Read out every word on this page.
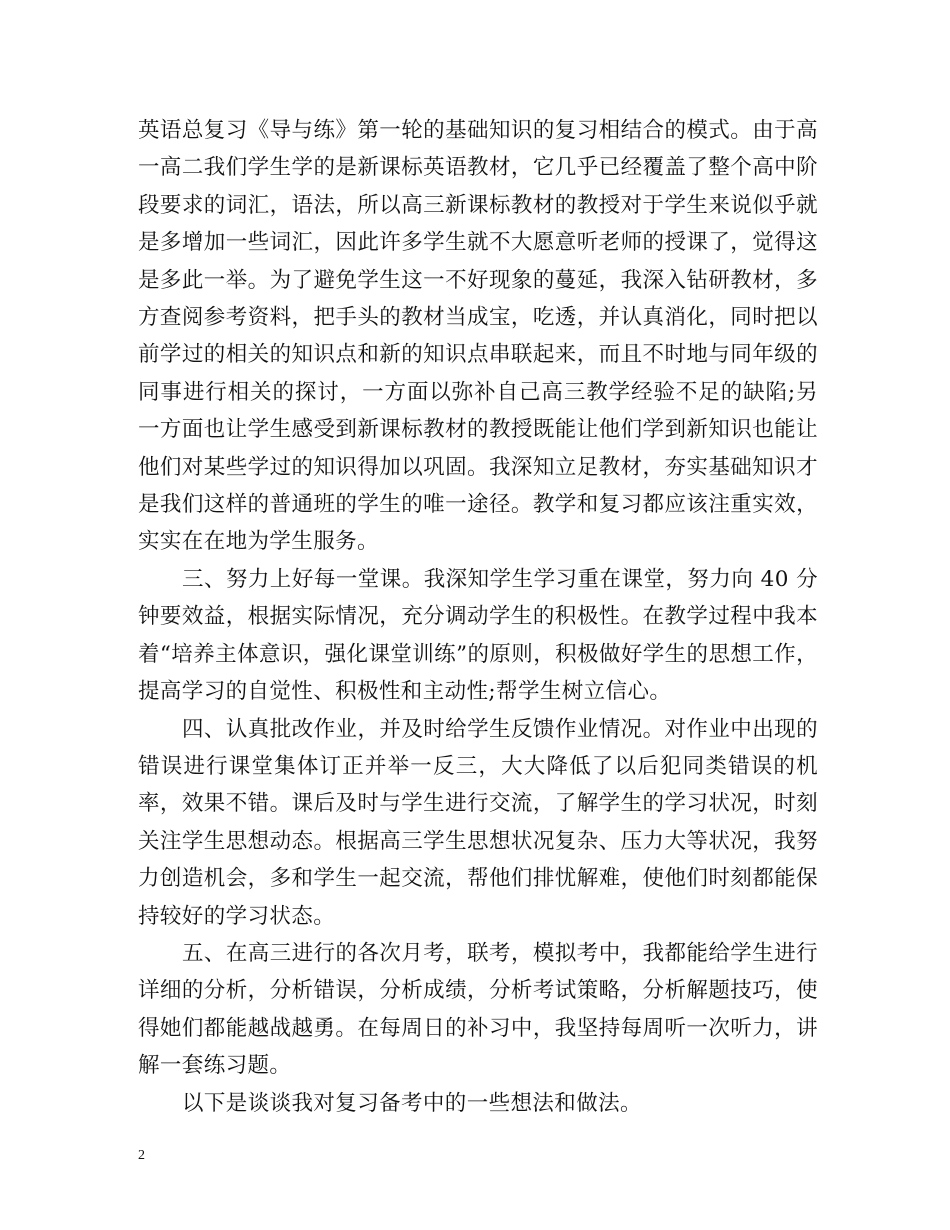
英语总复习《导与练》第一轮的基础知识的复习相结合的模式。由于高一高二我们学生学的是新课标英语教材，它几乎已经覆盖了整个高中阶段要求的词汇，语法，所以高三新课标教材的教授对于学生来说似乎就是多增加一些词汇，因此许多学生就不大愿意听老师的授课了，觉得这是多此一举。为了避免学生这一不好现象的蔓延，我深入钻研教材，多方查阅参考资料，把手头的教材当成宝，吃透，并认真消化，同时把以前学过的相关的知识点和新的知识点串联起来，而且不时地与同年级的同事进行相关的探讨，一方面以弥补自己高三教学经验不足的缺陷;另一方面也让学生感受到新课标教材的教授既能让他们学到新知识也能让他们对某些学过的知识得加以巩固。我深知立足教材，夯实基础知识才是我们这样的普通班的学生的唯一途径。教学和复习都应该注重实效，实实在在地为学生服务。

三、努力上好每一堂课。我深知学生学习重在课堂，努力向 40 分钟要效益，根据实际情况，充分调动学生的积极性。在教学过程中我本着“培养主体意识，强化课堂训练”的原则，积极做好学生的思想工作，提高学习的自觉性、积极性和主动性;帮学生树立信心。

四、认真批改作业，并及时给学生反馈作业情况。对作业中出现的错误进行课堂集体订正并举一反三，大大降低了以后犯同类错误的机率，效果不错。课后及时与学生进行交流，了解学生的学习状况，时刻关注学生思想动态。根据高三学生思想状况复杂、压力大等状况，我努力创造机会，多和学生一起交流，帮他们排忧解难，使他们时刻都能保持较好的学习状态。

五、在高三进行的各次月考，联考，模拟考中，我都能给学生进行详细的分析，分析错误，分析成绩，分析考试策略，分析解题技巧，使得她们都能越战越勇。在每周日的补习中，我坚持每周听一次听力，讲解一套练习题。

以下是谈谈我对复习备考中的一些想法和做法。

2
